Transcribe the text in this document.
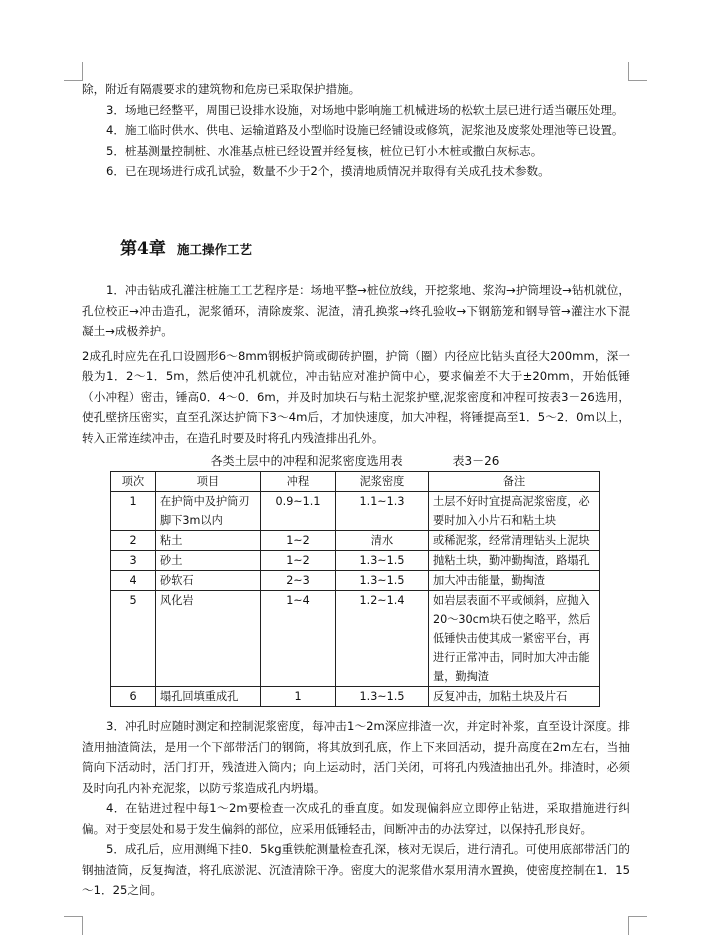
除，附近有隔震要求的建筑物和危房已采取保护措施。

3．场地已经整平，周围已设排水设施，对场地中影响施工机械进场的松软土层已进行适当碾压处理。

4．施工临时供水、供电、运输道路及小型临时设施已经铺设或修筑，泥浆池及废浆处理池等已设置。

5．桩基测量控制桩、水准基点桩已经设置并经复核，桩位已钉小木桩或撒白灰标志。

6．已在现场进行成孔试验，数量不少于2个，摸清地质情况并取得有关成孔技术参数。

第4章 施工操作工艺

1．冲击钻成孔灌注桩施工工艺程序是：场地平整→桩位放线，开挖浆地、浆沟→护筒埋设→钻机就位，孔位校正→冲击造孔，泥浆循环，清除废浆、泥渣，清孔换浆→终孔验收→下钢筋笼和钢导管→灌注水下混凝土→成极养护。

2成孔时应先在孔口设圆形6～8mm钢板护筒或砌砖护圈，护筒（圈）内径应比钻头直径大200mm，深一般为1．2～1．5m，然后使冲孔机就位，冲击钻应对准护筒中心，要求偏差不大于±20mm，开始低锤（小冲程）密击，锤高0．4～0．6m，并及时加块石与粘土泥浆护壁,泥浆密度和冲程可按表3－26选用，使孔壁挤压密实，直至孔深达护筒下3～4m后，才加快速度，加大冲程，将锤提高至1．5～2．0m以上，转入正常连续冲击，在造孔时要及时将孔内残渣排出孔外。

各类土层中的冲程和泥浆密度选用表 表3－26				
项次	项目	冲程	泥浆密度	备注
1	在护筒中及护筒刃脚下3m以内	0.9~1.1	1.1~1.3	土层不好时宜提高泥浆密度，必要时加入小片石和粘土块
2	粘土	1~2	清水	或稀泥浆，经常清理钻头上泥块
3	砂土	1~2	1.3~1.5	抛粘土块，勤冲勤掏渣，路塌孔
4	砂软石	2~3	1.3~1.5	加大冲击能量，勤掏渣
5	风化岩	1~4	1.2~1.4	如岩层表面不平或倾斜，应抛入20～30cm块石使之略平，然后低锤快击使其成一紧密平台，再进行正常冲击，同时加大冲击能量，勤掏渣
6	塌孔回填重成孔	1	1.3~1.5	反复冲击，加粘土块及片石

3．冲孔时应随时测定和控制泥浆密度，每冲击1～2m深应排渣一次，并定时补浆，直至设计深度。排渣用抽渣筒法，是用一个下部带活门的钢筒，将其放到孔底，作上下来回活动，提升高度在2m左右，当抽筒向下活动时，活门打开，残渣进入筒内；向上运动时，活门关闭，可将孔内残渣抽出孔外。排渣时，必须及时向孔内补充泥浆，以防亏浆造成孔内坍塌。

4．在钻进过程中每1～2m要检查一次成孔的垂直度。如发现偏斜应立即停止钻进，采取措施进行纠偏。对于变层处和易于发生偏斜的部位，应采用低锤轻击，间断冲击的办法穿过，以保持孔形良好。

5．成孔后，应用测绳下挂0．5kg重铁舵测量检查孔深，核对无误后，进行清孔。可使用底部带活门的钢抽渣筒，反复掏渣，将孔底淤泥、沉渣清除干净。密度大的泥浆借水泵用清水置换，使密度控制在1．15～1．25之间。
